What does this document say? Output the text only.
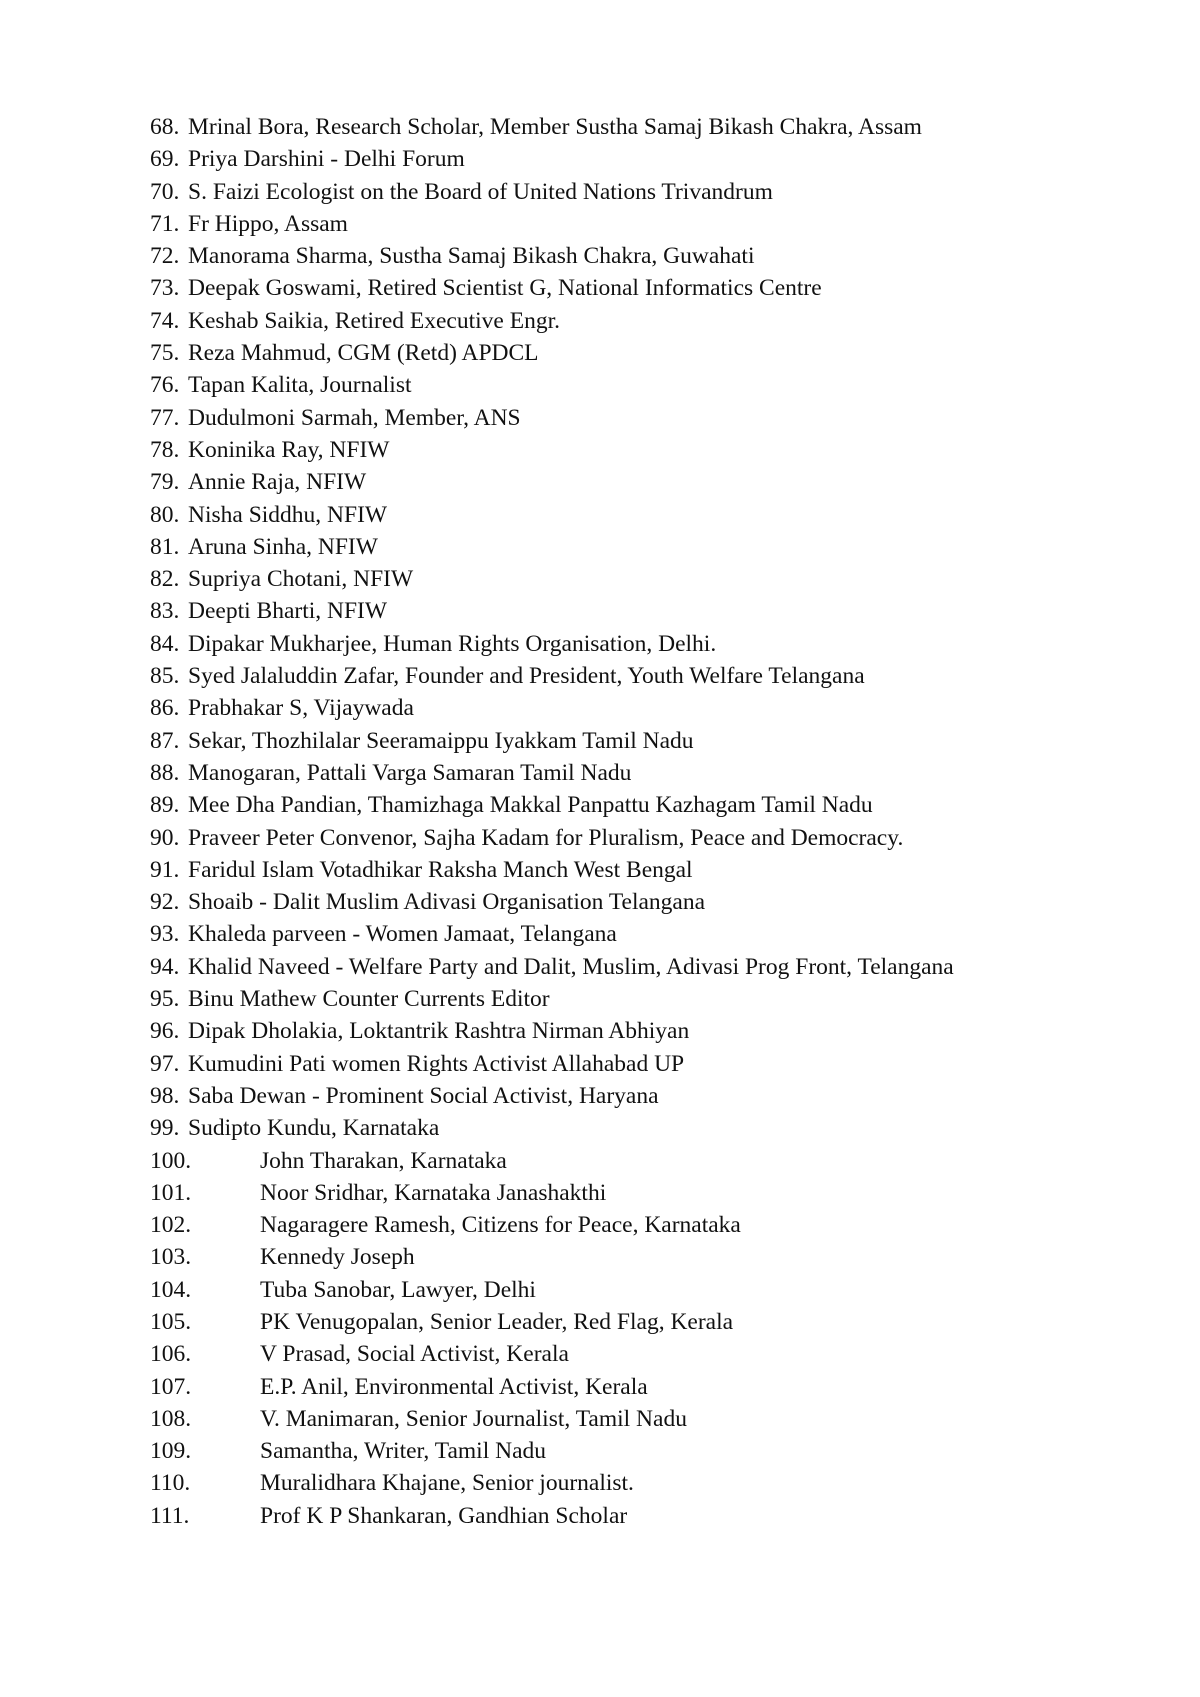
68. Mrinal Bora, Research Scholar, Member Sustha Samaj Bikash Chakra, Assam
69. Priya Darshini - Delhi Forum
70. S. Faizi Ecologist on the Board of United Nations Trivandrum
71. Fr Hippo, Assam
72. Manorama Sharma, Sustha Samaj Bikash Chakra, Guwahati
73. Deepak Goswami, Retired Scientist G, National Informatics Centre
74. Keshab Saikia, Retired Executive Engr.
75. Reza Mahmud, CGM (Retd) APDCL
76. Tapan Kalita, Journalist
77. Dudulmoni Sarmah, Member, ANS
78. Koninika Ray, NFIW
79. Annie Raja, NFIW
80. Nisha Siddhu, NFIW
81. Aruna Sinha, NFIW
82. Supriya Chotani, NFIW
83. Deepti Bharti, NFIW
84. Dipakar Mukharjee, Human Rights Organisation, Delhi.
85. Syed Jalaluddin Zafar, Founder and President, Youth Welfare Telangana
86. Prabhakar S, Vijaywada
87. Sekar, Thozhilalar Seeramaippu Iyakkam Tamil Nadu
88. Manogaran, Pattali Varga Samaran Tamil Nadu
89. Mee Dha Pandian, Thamizhaga Makkal Panpattu Kazhagam Tamil Nadu
90. Praveer Peter Convenor, Sajha Kadam for Pluralism, Peace and Democracy.
91. Faridul Islam Votadhikar Raksha Manch West Bengal
92. Shoaib - Dalit Muslim Adivasi Organisation Telangana
93. Khaleda parveen - Women Jamaat, Telangana
94. Khalid Naveed - Welfare Party and Dalit, Muslim, Adivasi Prog Front, Telangana
95. Binu Mathew Counter Currents Editor
96. Dipak Dholakia, Loktantrik Rashtra Nirman Abhiyan
97. Kumudini Pati women Rights Activist Allahabad UP
98. Saba Dewan - Prominent Social Activist, Haryana
99. Sudipto Kundu, Karnataka
100.	John Tharakan, Karnataka
101.	Noor Sridhar, Karnataka Janashakthi
102.	Nagaragere Ramesh, Citizens for Peace, Karnataka
103.	Kennedy Joseph
104.	Tuba Sanobar, Lawyer, Delhi
105.	PK Venugopalan, Senior Leader, Red Flag, Kerala
106.	V Prasad, Social Activist, Kerala
107.	E.P. Anil, Environmental Activist, Kerala
108.	V. Manimaran, Senior Journalist, Tamil Nadu
109.	Samantha, Writer, Tamil Nadu
110.	Muralidhara Khajane, Senior journalist.
111.	Prof K P Shankaran, Gandhian Scholar
